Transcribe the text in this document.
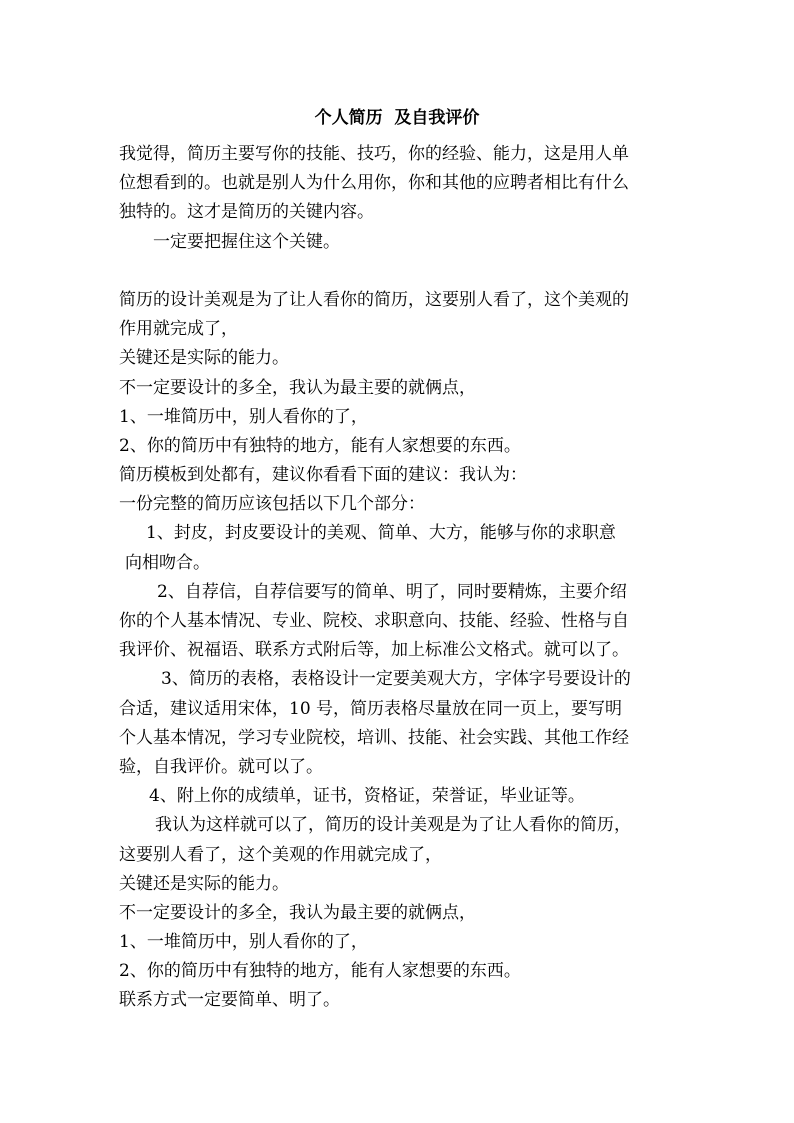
个人简历  及自我评价

我觉得，简历主要写你的技能、技巧，你的经验、能力，这是用人单

位想看到的。也就是别人为什么用你，你和其他的应聘者相比有什么

独特的。这才是简历的关键内容。

一定要把握住这个关键。

简历的设计美观是为了让人看你的简历，这要别人看了，这个美观的

作用就完成了，

关键还是实际的能力。

不一定要设计的多全，我认为最主要的就俩点，

1、一堆简历中，别人看你的了，

2、你的简历中有独特的地方，能有人家想要的东西。

简历模板到处都有，建议你看看下面的建议：我认为：

一份完整的简历应该包括以下几个部分：

1、封皮，封皮要设计的美观、简单、大方，能够与你的求职意

向相吻合。

2、自荐信，自荐信要写的简单、明了，同时要精炼，主要介绍

你的个人基本情况、专业、院校、求职意向、技能、经验、性格与自

我评价、祝福语、联系方式附后等，加上标准公文格式。就可以了。

3、简历的表格，表格设计一定要美观大方，字体字号要设计的

合适，建议适用宋体，10 号，简历表格尽量放在同一页上，要写明

个人基本情况，学习专业院校，培训、技能、社会实践、其他工作经

验，自我评价。就可以了。

4、附上你的成绩单，证书，资格证，荣誉证，毕业证等。

我认为这样就可以了，简历的设计美观是为了让人看你的简历，

这要别人看了，这个美观的作用就完成了，

关键还是实际的能力。

不一定要设计的多全，我认为最主要的就俩点，

1、一堆简历中，别人看你的了，

2、你的简历中有独特的地方，能有人家想要的东西。

联系方式一定要简单、明了。
